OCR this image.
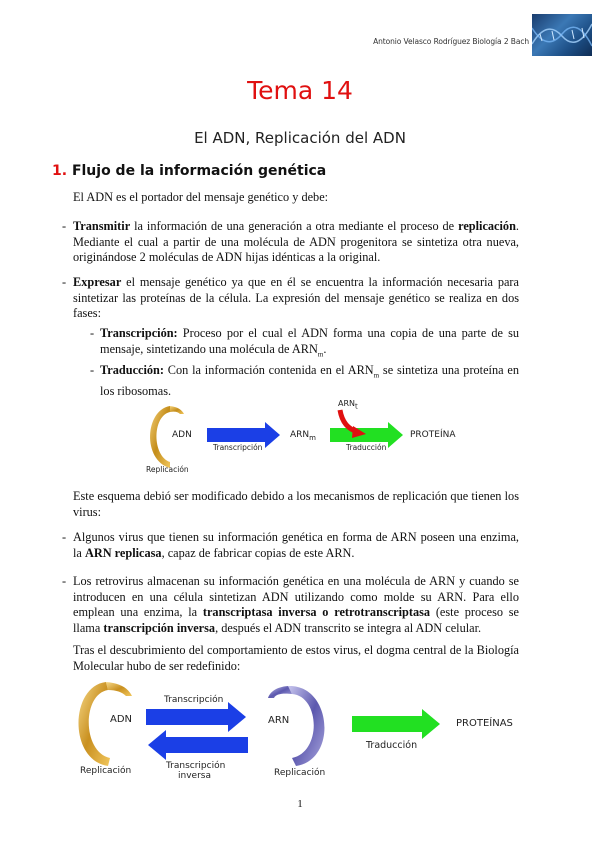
Antonio Velasco Rodríguez Biología 2 Bach
Tema 14
El ADN, Replicación del ADN
1. Flujo de la información genética
El ADN es el portador del mensaje genético y debe:
- Transmitir la información de una generación a otra mediante el proceso de replicación. Mediante el cual a partir de una molécula de ADN progenitora se sintetiza otra nueva, originándose 2 moléculas de ADN hijas idénticas a la original.
- Expresar el mensaje genético ya que en él se encuentra la información necesaria para sintetizar las proteínas de la célula. La expresión del mensaje genético se realiza en dos fases:
- Transcripción: Proceso por el cual el ADN forma una copia de una parte de su mensaje, sintetizando una molécula de $ARN_m$.
- Traducción: Con la información contenida en el $ARN_m$ se sintetiza una proteína en los ribosomas.
ADN
Replicación
Transcripción
$ARN_m$
$ARN_t$
Traducción
PROTEÍNA
Este esquema debió ser modificado debido a los mecanismos de replicación que tienen los virus:
- Algunos virus que tienen su información genética en forma de ARN poseen una enzima, la ARN replicasa, capaz de fabricar copias de este ARN.
- Los retrovirus almacenan su información genética en una molécula de ARN y cuando se introducen en una célula sintetizan ADN utilizando como molde su ARN. Para ello emplean una enzima, la transcriptasa inversa o retrotranscriptasa (este proceso se llama transcripción inversa, después el ADN transcrito se integra al ADN celular.
Tras el descubrimiento del comportamiento de estos virus, el dogma central de la Biología Molecular hubo de ser redefinido:
ADN
Replicación
Transcripción
Transcripción
inversa
ARN
Replicación
Traducción
PROTEÍNAS
1
